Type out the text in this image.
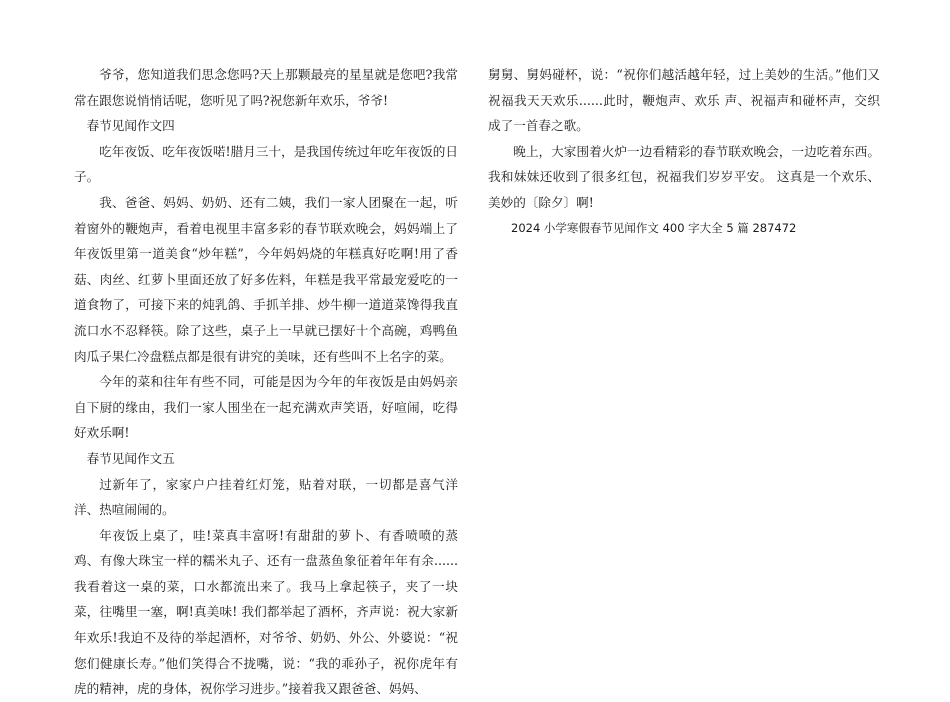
爷爷，您知道我们思念您吗?天上那颗最亮的星星就是您吧?我常常在跟您说悄悄话呢，您听见了吗?祝您新年欢乐，爷爷!

春节见闻作文四

吃年夜饭、吃年夜饭喏!腊月三十，是我国传统过年吃年夜饭的日子。

我、爸爸、妈妈、奶奶、还有二姨，我们一家人团聚在一起，听着窗外的鞭炮声，看着电视里丰富多彩的春节联欢晚会，妈妈端上了年夜饭里第一道美食“炒年糕”，今年妈妈烧的年糕真好吃啊!用了香菇、肉丝、红萝卜里面还放了好多佐料，年糕是我平常最宠爱吃的一道食物了，可接下来的炖乳鸽、手抓羊排、炒牛柳一道道菜馋得我直流口水不忍释筷。除了这些，桌子上一早就已摆好十个高碗，鸡鸭鱼肉瓜子果仁冷盘糕点都是很有讲究的美味，还有些叫不上名字的菜。

今年的菜和往年有些不同，可能是因为今年的年夜饭是由妈妈亲自下厨的缘由，我们一家人围坐在一起充满欢声笑语，好喧闹，吃得好欢乐啊!

春节见闻作文五

过新年了，家家户户挂着红灯笼，贴着对联，一切都是喜气洋洋、热喧闹闹的。

年夜饭上桌了，哇!菜真丰富呀!有甜甜的萝卜、有香喷喷的蒸鸡、有像大珠宝一样的糯米丸子、还有一盘蒸鱼象征着年年有余......我看着这一桌的菜，口水都流出来了。我马上拿起筷子，夹了一块菜，往嘴里一塞，啊!真美味! 我们都举起了酒杯，齐声说：祝大家新年欢乐!我迫不及待的举起酒杯，对爷爷、奶奶、外公、外婆说：“祝您们健康长寿。”他们笑得合不拢嘴，说：“我的乖孙子，祝你虎年有虎的精神，虎的身体，祝你学习进步。”接着我又跟爸爸、妈妈、

舅舅、舅妈碰杯，说：“祝你们越活越年轻，过上美妙的生活。”他们又祝福我天天欢乐......此时，鞭炮声、欢乐 声、祝福声和碰杯声，交织成了一首春之歌。

晚上，大家围着火炉一边看精彩的春节联欢晚会，一边吃着东西。我和妹妹还收到了很多红包，祝福我们岁岁平安。 这真是一个欢乐、美妙的〔除夕〕啊!

2024 小学寒假春节见闻作文 400 字大全 5 篇 287472
